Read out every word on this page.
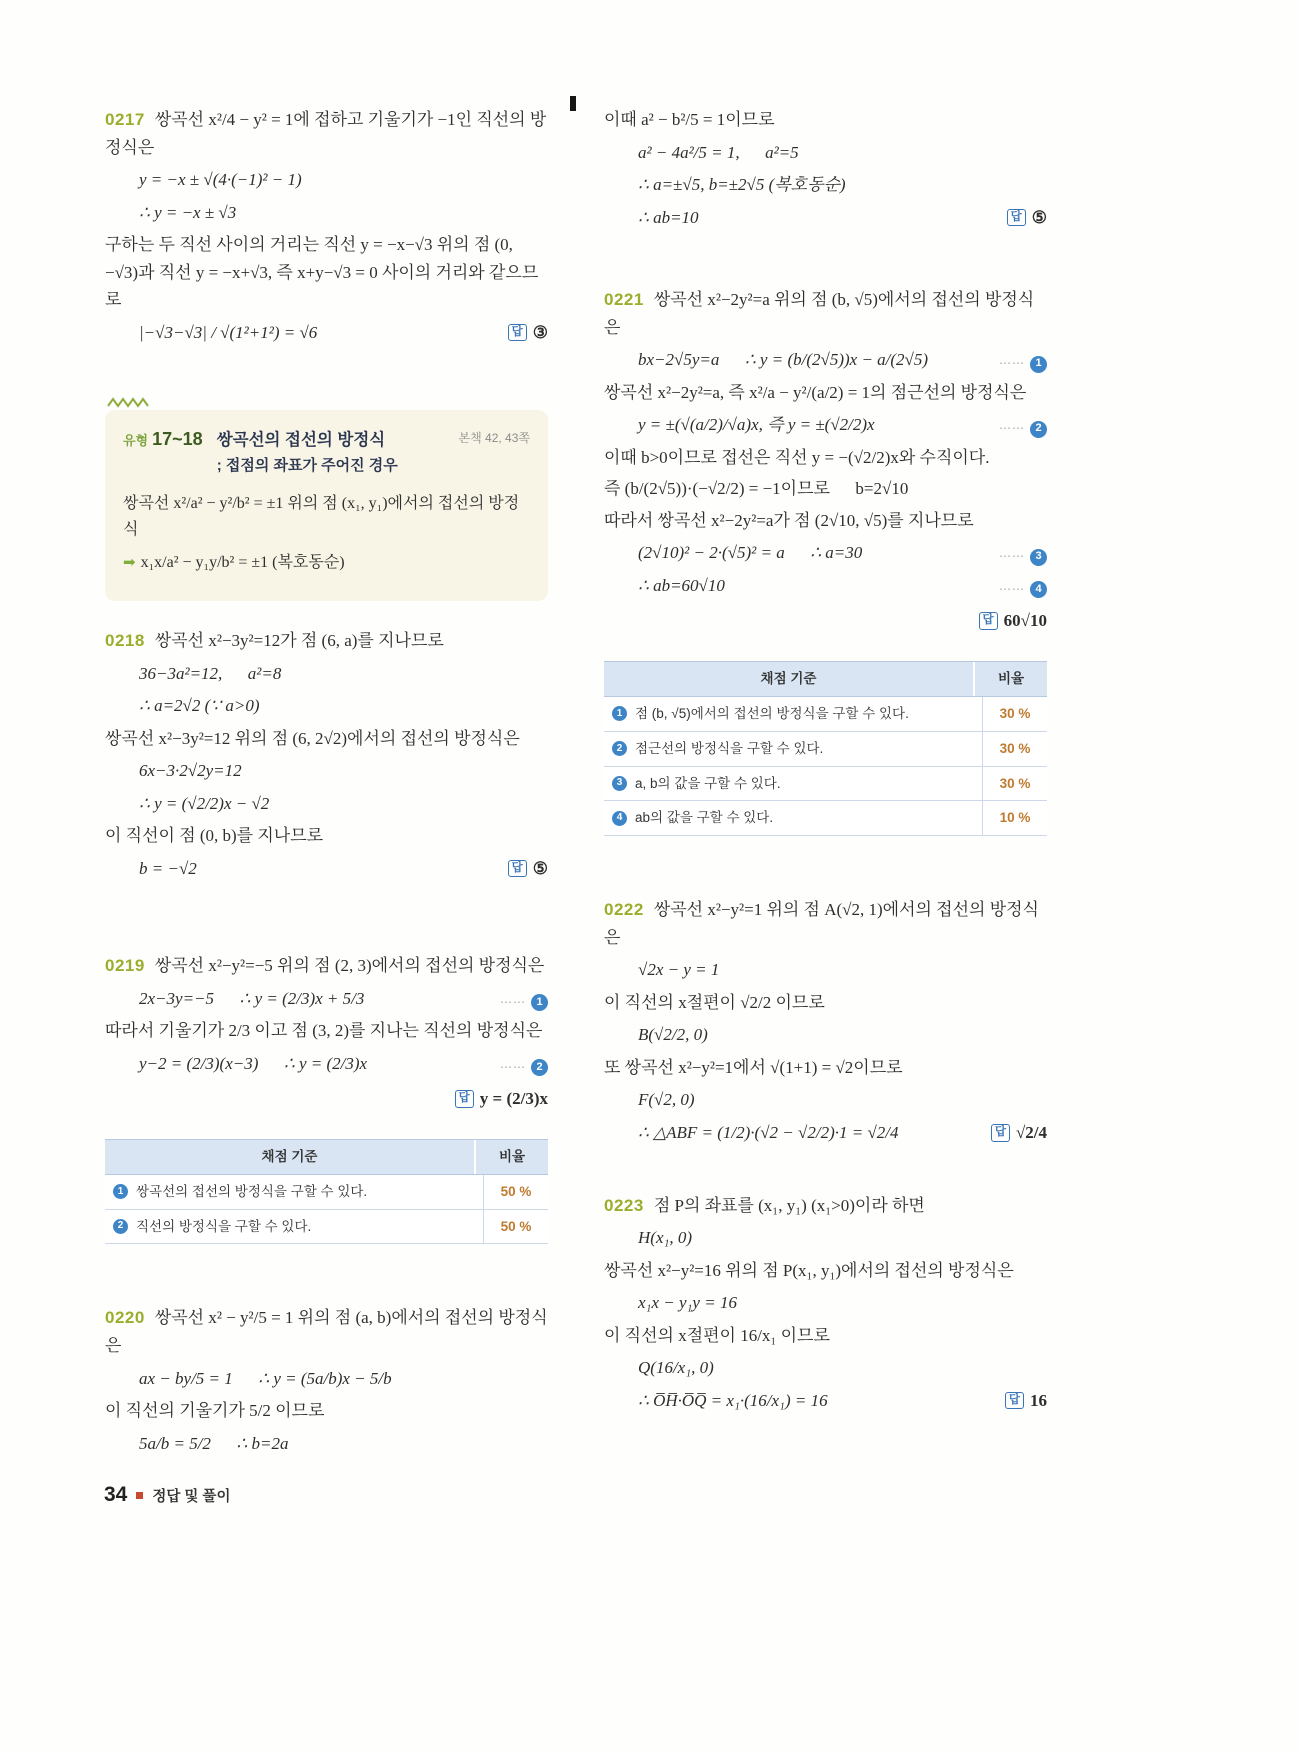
0217 쌍곡선 x²/4 − y² = 1에 접하고 기울기가 −1인 직선의 방정식은

y = −x ± √(4·(−1)² − 1)

∴ y = −x ± √3

구하는 두 직선 사이의 거리는 직선 y = −x−√3 위의 점 (0, −√3)과 직선 y = −x+√3, 즉 x+y−√3 = 0 사이의 거리와 같으므로

|−√3−√3| / √(1²+1²) = √6	답 ③

유형 17~18 쌍곡선의 접선의 방정식
; 접점의 좌표가 주어진 경우
본책 42, 43쪽

쌍곡선 x²/a² − y²/b² = ±1 위의 점 (x₁, y₁)에서의 접선의 방정식

➡ x₁x/a² − y₁y/b² = ±1 (복호동순)

0218 쌍곡선 x²−3y²=12가 점 (6, a)를 지나므로

36−3a²=12,      a²=8

∴ a=2√2 (∵ a>0)

쌍곡선 x²−3y²=12 위의 점 (6, 2√2)에서의 접선의 방정식은

6x−3·2√2y=12

∴ y = (√2/2)x − √2

이 직선이 점 (0, b)를 지나므로

b = −√2	답 ⑤

0219 쌍곡선 x²−y²=−5 위의 점 (2, 3)에서의 접선의 방정식은

2x−3y=−5      ∴ y = (2/3)x + 5/3	⋯⋯ 1

따라서 기울기가 2/3 이고 점 (3, 2)를 지나는 직선의 방정식은

y−2 = (2/3)(x−3)      ∴ y = (2/3)x	⋯⋯ 2

답 y = (2/3)x

채점 기준	비율
1 쌍곡선의 접선의 방정식을 구할 수 있다.	50 %
2 직선의 방정식을 구할 수 있다.	50 %

0220 쌍곡선 x² − y²/5 = 1 위의 점 (a, b)에서의 접선의 방정식은

ax − by/5 = 1      ∴ y = (5a/b)x − 5/b

이 직선의 기울기가 5/2 이므로

5a/b = 5/2      ∴ b=2a

이때 a² − b²/5 = 1이므로

a² − 4a²/5 = 1,      a²=5

∴ a=±√5, b=±2√5 (복호동순)

∴ ab=10	답 ⑤

0221 쌍곡선 x²−2y²=a 위의 점 (b, √5)에서의 접선의 방정식은

bx−2√5y=a      ∴ y = (b/(2√5))x − a/(2√5)	⋯⋯ 1

쌍곡선 x²−2y²=a, 즉 x²/a − y²/(a/2) = 1의 점근선의 방정식은

y = ±(√(a/2)/√a)x, 즉 y = ±(√2/2)x	⋯⋯ 2

이때 b>0이므로 접선은 직선 y = −(√2/2)x와 수직이다.

즉 (b/(2√5))·(−√2/2) = −1이므로      b=2√10

따라서 쌍곡선 x²−2y²=a가 점 (2√10, √5)를 지나므로

(2√10)² − 2·(√5)² = a      ∴ a=30	⋯⋯ 3

∴ ab=60√10	⋯⋯ 4

답 60√10

채점 기준	비율
1 점 (b, √5)에서의 접선의 방정식을 구할 수 있다.	30 %
2 점근선의 방정식을 구할 수 있다.	30 %
3 a, b의 값을 구할 수 있다.	30 %
4 ab의 값을 구할 수 있다.	10 %

0222 쌍곡선 x²−y²=1 위의 점 A(√2, 1)에서의 접선의 방정식은

√2x − y = 1

이 직선의 x절편이 √2/2 이므로

B(√2/2, 0)

또 쌍곡선 x²−y²=1에서 √(1+1) = √2이므로

F(√2, 0)

∴ △ABF = (1/2)·(√2 − √2/2)·1 = √2/4	답 √2/4

0223 점 P의 좌표를 (x₁, y₁) (x₁>0)이라 하면

H(x₁, 0)

쌍곡선 x²−y²=16 위의 점 P(x₁, y₁)에서의 접선의 방정식은

x₁x − y₁y = 16

이 직선의 x절편이 16/x₁ 이므로

Q(16/x₁, 0)

∴ O̅H̅·O̅Q̅ = x₁·(16/x₁) = 16	답 16

34 정답 및 풀이
